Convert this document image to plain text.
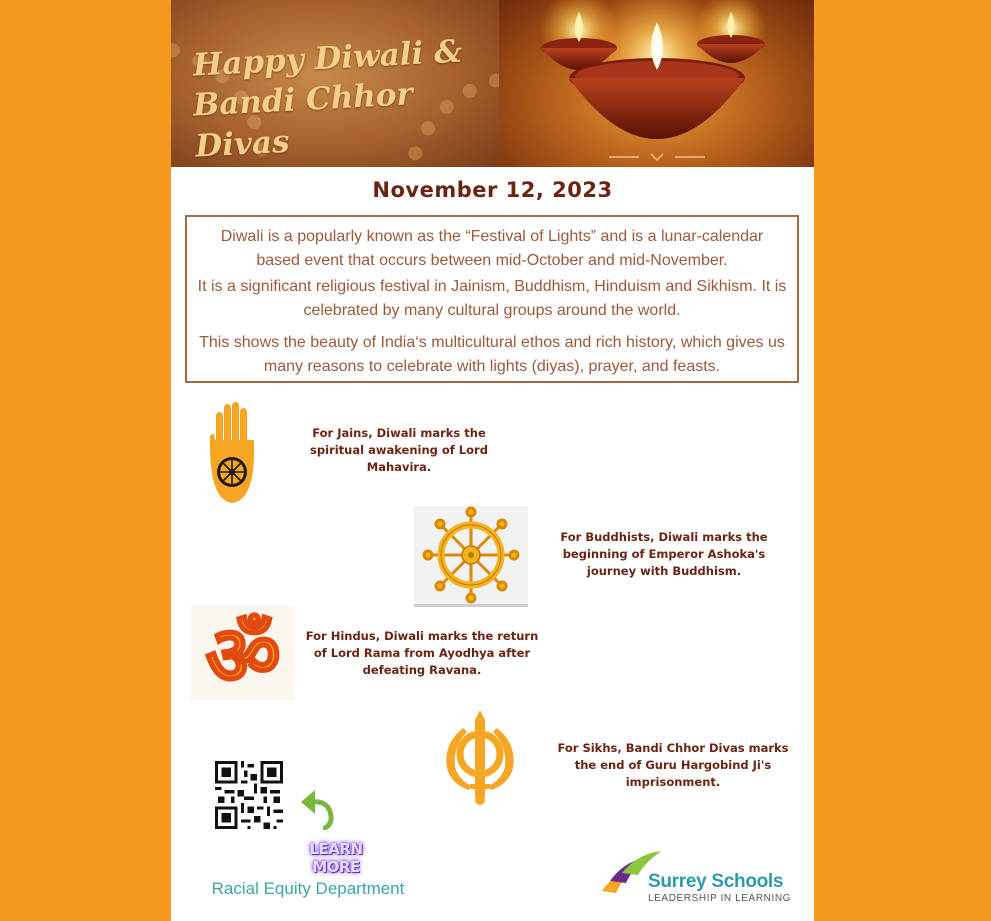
Happy Diwali &
Bandi Chhor Divas
November 12, 2023

Diwali is a popularly known as the “Festival of Lights” and is a lunar-calendar based event that occurs between mid-October and mid-November.

It is a significant religious festival in Jainism, Buddhism, Hinduism and Sikhism. It is celebrated by many cultural groups around the world.

This shows the beauty of India‘s multicultural ethos and rich history, which gives us many reasons to celebrate with lights (diyas), prayer, and feasts.

For Jains, Diwali marks the spiritual awakening of Lord Mahavira.
For Buddhists, Diwali marks the beginning of Emperor Ashoka's journey with Buddhism.
ॐ For Hindus, Diwali marks the return of Lord Rama from Ayodhya after defeating Ravana.
For Sikhs, Bandi Chhor Divas marks the end of Guru Hargobind Ji's imprisonment.
LEARN MORE
Racial Equity Department	Surrey Schools
LEADERSHIP IN LEARNING
